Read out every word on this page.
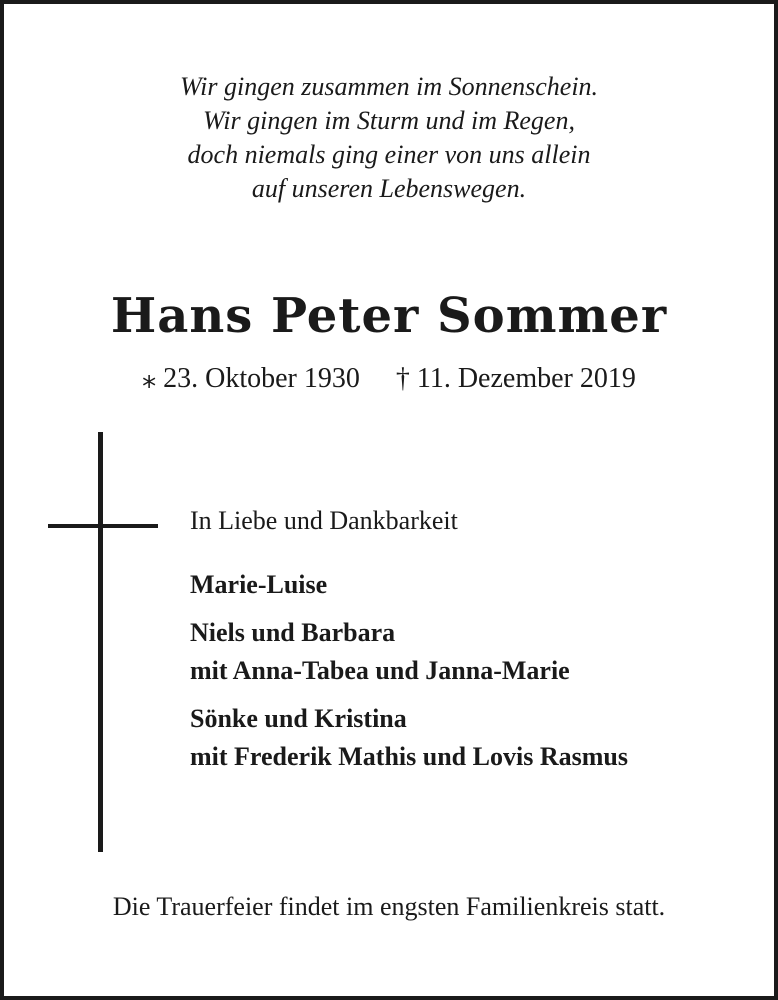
Wir gingen zusammen im Sonnenschein.
Wir gingen im Sturm und im Regen,
doch niemals ging einer von uns allein
auf unseren Lebenswegen.
Hans Peter Sommer
⁎ 23. Oktober 1930 † 11. Dezember 2019
In Liebe und Dankbarkeit
Marie-Luise
Niels und Barbara
mit Anna-Tabea und Janna-Marie
Sönke und Kristina
mit Frederik Mathis und Lovis Rasmus
Die Trauerfeier findet im engsten Familienkreis statt.
